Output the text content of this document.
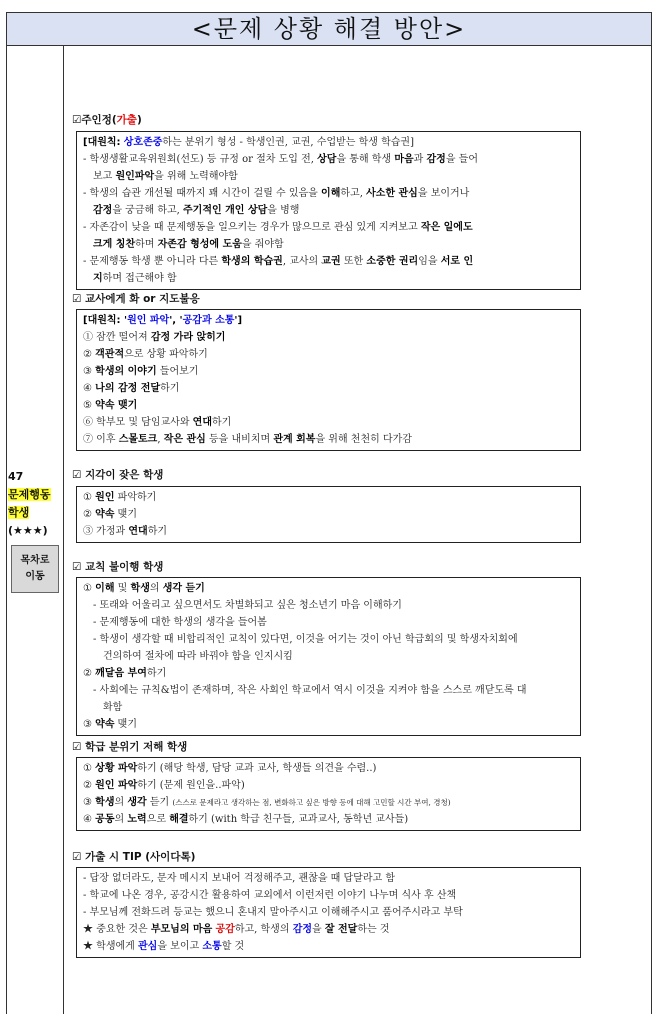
<문제 상황 해결 방안>
47
문제행동
학생
(★★★)
목차로
이동
☑주인정(가출)
[대원칙: 상호존중하는 분위기 형성 - 학생인권, 교권, 수업받는 학생 학습권]
- 학생생활교육위원회(선도) 등 규정 or 절차 도입 전, 상담을 통해 학생 마음과 감정을 들어
보고 원인파악을 위해 노력해야함
- 학생의 습관 개선될 때까지 꽤 시간이 걸릴 수 있음을 이해하고, 사소한 관심을 보이거나
감정을 궁금해 하고, 주기적인 개인 상담을 병행
- 자존감이 낮을 때 문제행동을 일으키는 경우가 많으므로 관심 있게 지켜보고 작은 일에도
크게 칭찬하며 자존감 형성에 도움을 줘야함
- 문제행동 학생 뿐 아니라 다른 학생의 학습권, 교사의 교권 또한 소중한 권리임을 서로 인
지하며 접근해야 함
☑ 교사에게 화 or 지도불응
[대원칙: '원인 파악', '공감과 소통']
① 잠깐 떨어져 감정 가라 앉히기
② 객관적으로 상황 파악하기
③ 학생의 이야기 들어보기
④ 나의 감정 전달하기
⑤ 약속 맺기
⑥ 학부모 및 담임교사와 연대하기
⑦ 이후 스몰토크, 작은 관심 등을 내비치며 관계 회복을 위해 천천히 다가감
☑ 지각이 잦은 학생
① 원인 파악하기
② 약속 맺기
③ 가정과 연대하기
☑ 교칙 불이행 학생
① 이해 및 학생의 생각 듣기
- 또래와 어울리고 싶으면서도 차별화되고 싶은 청소년기 마음 이해하기
- 문제행동에 대한 학생의 생각을 들어봄
- 학생이 생각할 때 비합리적인 교칙이 있다면, 이것을 어기는 것이 아닌 학급회의 및 학생자치회에
건의하여 절차에 따라 바꿔야 함을 인지시킴
② 깨달음 부여하기
- 사회에는 규칙&법이 존재하며, 작은 사회인 학교에서 역시 이것을 지켜야 함을 스스로 깨닫도록 대
화함
③ 약속 맺기
☑ 학급 분위기 저해 학생
① 상황 파악하기 (해당 학생, 담당 교과 교사, 학생들 의견을 수렴..)
② 원인 파악하기 (문제 원인을..파악)
③ 학생의 생각 듣기 (스스로 문제라고 생각하는 점, 변화하고 싶은 방향 등에 대해 고민할 시간 부여, 경청)
④ 공동의 노력으로 해결하기 (with 학급 친구들, 교과교사, 동학년 교사들)
☑ 가출 시 TIP (사이다톡)
- 답장 없더라도, 문자 메시지 보내어 걱정해주고, 괜찮을 때 답달라고 함
- 학교에 나온 경우, 공강시간 활용하여 교외에서 이런저런 이야기 나누며 식사 후 산책
- 부모님께 전화드려 등교는 했으니 혼내지 말아주시고 이해해주시고 품어주시라고 부탁
★ 중요한 것은 부모님의 마음 공감하고, 학생의 감정을 잘 전달하는 것
★ 학생에게 관심을 보이고 소통할 것
